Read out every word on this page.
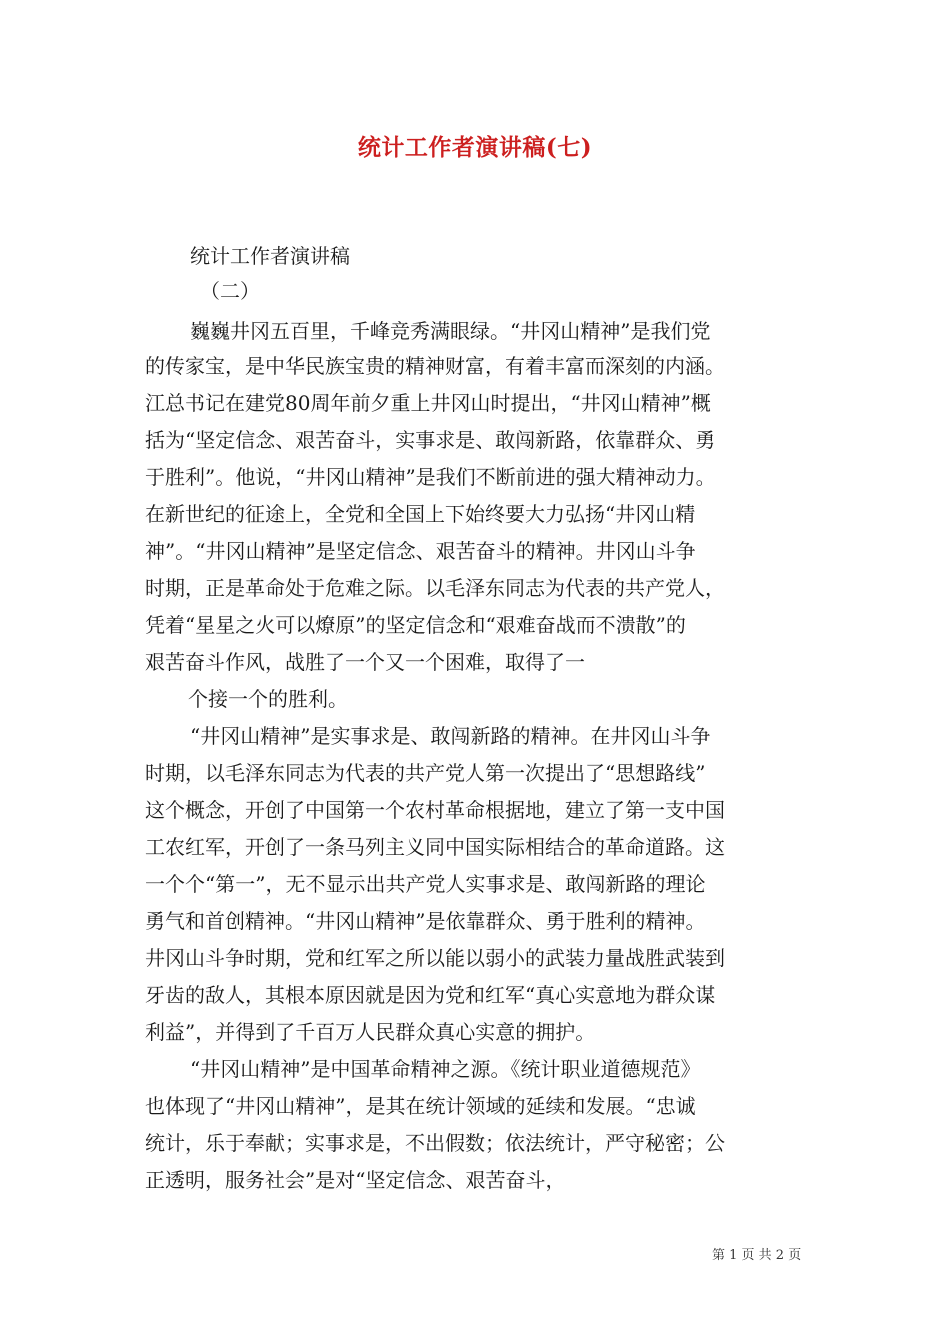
统计工作者演讲稿(七)
统计工作者演讲稿
（二）
巍巍井冈五百里，千峰竞秀满眼绿。“井冈山精神”是我们党
的传家宝，是中华民族宝贵的精神财富，有着丰富而深刻的内涵。
江总书记在建党80周年前夕重上井冈山时提出，“井冈山精神”概
括为“坚定信念、艰苦奋斗，实事求是、敢闯新路，依靠群众、勇
于胜利”。他说，“井冈山精神”是我们不断前进的强大精神动力。
在新世纪的征途上，全党和全国上下始终要大力弘扬“井冈山精
神”。“井冈山精神”是坚定信念、艰苦奋斗的精神。井冈山斗争
时期，正是革命处于危难之际。以毛泽东同志为代表的共产党人，
凭着“星星之火可以燎原”的坚定信念和“艰难奋战而不溃散”的
艰苦奋斗作风，战胜了一个又一个困难，取得了一
个接一个的胜利。
“井冈山精神”是实事求是、敢闯新路的精神。在井冈山斗争
时期，以毛泽东同志为代表的共产党人第一次提出了“思想路线”
这个概念，开创了中国第一个农村革命根据地，建立了第一支中国
工农红军，开创了一条马列主义同中国实际相结合的革命道路。这
一个个“第一”，无不显示出共产党人实事求是、敢闯新路的理论
勇气和首创精神。“井冈山精神”是依靠群众、勇于胜利的精神。
井冈山斗争时期，党和红军之所以能以弱小的武装力量战胜武装到
牙齿的敌人，其根本原因就是因为党和红军“真心实意地为群众谋
利益”，并得到了千百万人民群众真心实意的拥护。
“井冈山精神”是中国革命精神之源。《统计职业道德规范》
也体现了“井冈山精神”，是其在统计领域的延续和发展。“忠诚
统计，乐于奉献；实事求是，不出假数；依法统计，严守秘密；公
正透明，服务社会”是对“坚定信念、艰苦奋斗，
第 1 页 共 2 页
